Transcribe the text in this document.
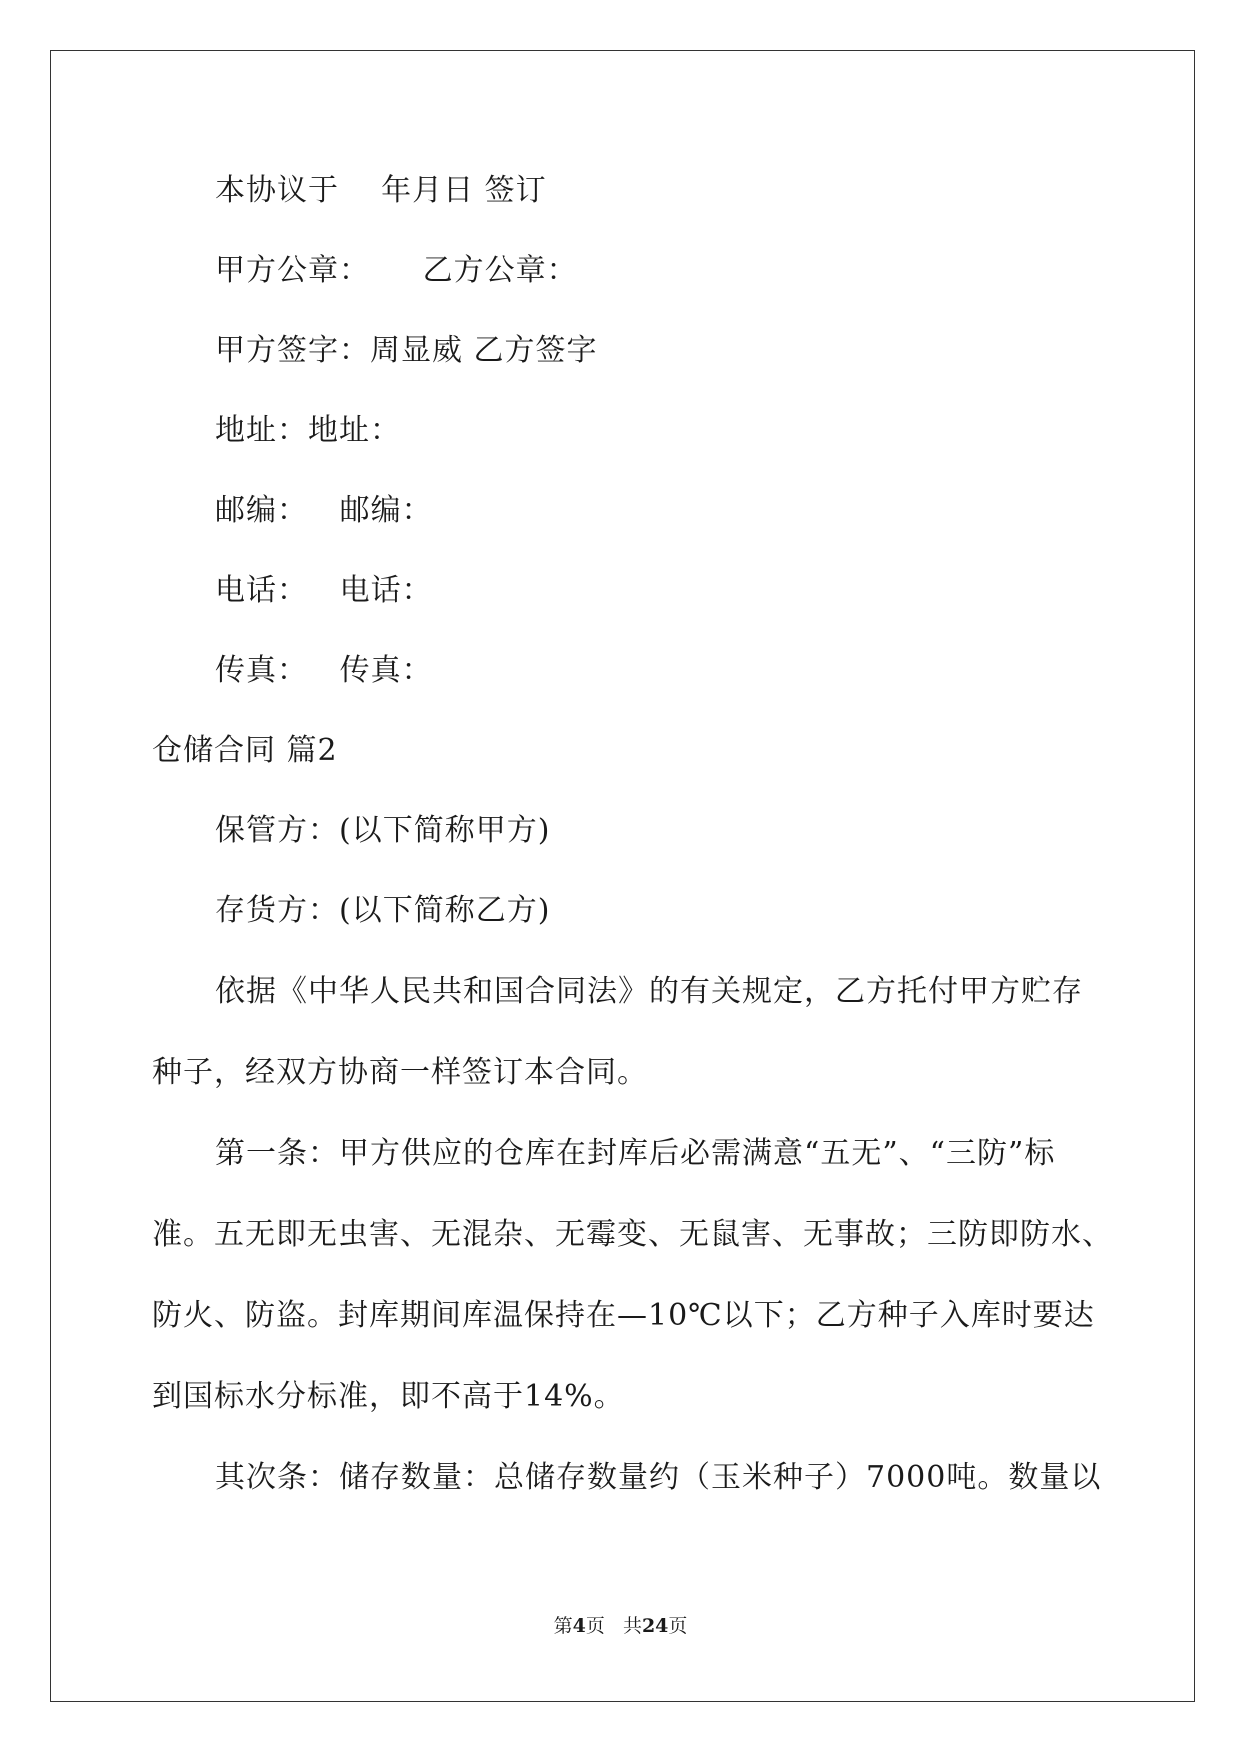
本协议于    年月日 签订
甲方公章：     乙方公章：
甲方签字：周显威 乙方签字
地址：地址：
邮编：   邮编：
电话：   电话：
传真：   传真：
仓储合同 篇2
保管方：(以下简称甲方)
存货方：(以下简称乙方)
依据《中华人民共和国合同法》的有关规定，乙方托付甲方贮存
种子，经双方协商一样签订本合同。
第一条：甲方供应的仓库在封库后必需满意“五无”、“三防”标
准。五无即无虫害、无混杂、无霉变、无鼠害、无事故；三防即防水、
防火、防盗。封库期间库温保持在—10℃以下；乙方种子入库时要达
到国标水分标准，即不高于14%。
其次条：储存数量：总储存数量约（玉米种子）7000吨。数量以
第4页   共24页
